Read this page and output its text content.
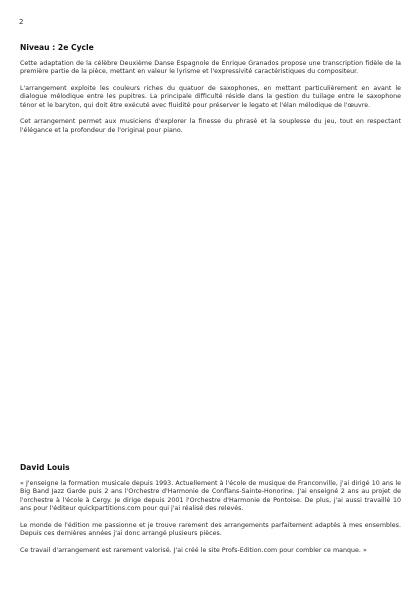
2
Niveau : 2e Cycle

Cette adaptation de la célèbre Deuxième Danse Espagnole de Enrique Granados propose une transcription fidèle de la première partie de la pièce, mettant en valeur le lyrisme et l'expressivité caractéristiques du compositeur.

L'arrangement exploite les couleurs riches du quatuor de saxophones, en mettant particulièrement en avant le dialogue mélodique entre les pupitres. La principale difficulté réside dans la gestion du tuilage entre le saxophone ténor et le baryton, qui doit être exécuté avec fluidité pour préserver le legato et l'élan mélodique de l'œuvre.

Cet arrangement permet aux musiciens d'explorer la finesse du phrasé et la souplesse du jeu, tout en respectant l'élégance et la profondeur de l'original pour piano.

David Louis

« J'enseigne la formation musicale depuis 1993. Actuellement à l'école de musique de Franconville, j'ai dirigé 10 ans le Big Band Jazz Garde puis 2 ans l'Orchestre d'Harmonie de Conflans-Sainte-Honorine. J'ai enseigné 2 ans au projet de l'orchestre à l'école à Cergy. Je dirige depuis 2001 l'Orchestre d'Harmonie de Pontoise. De plus, j'ai aussi travaillé 10 ans pour l'éditeur quickpartitions.com pour qui j'ai réalisé des relevés.

Le monde de l'édition me passionne et je trouve rarement des arrangements parfaitement adaptés à mes ensembles. Depuis ces dernières années j'ai donc arrangé plusieurs pièces.

Ce travail d'arrangement est rarement valorisé. J'ai créé le site Profs-Edition.com pour combler ce manque. »
